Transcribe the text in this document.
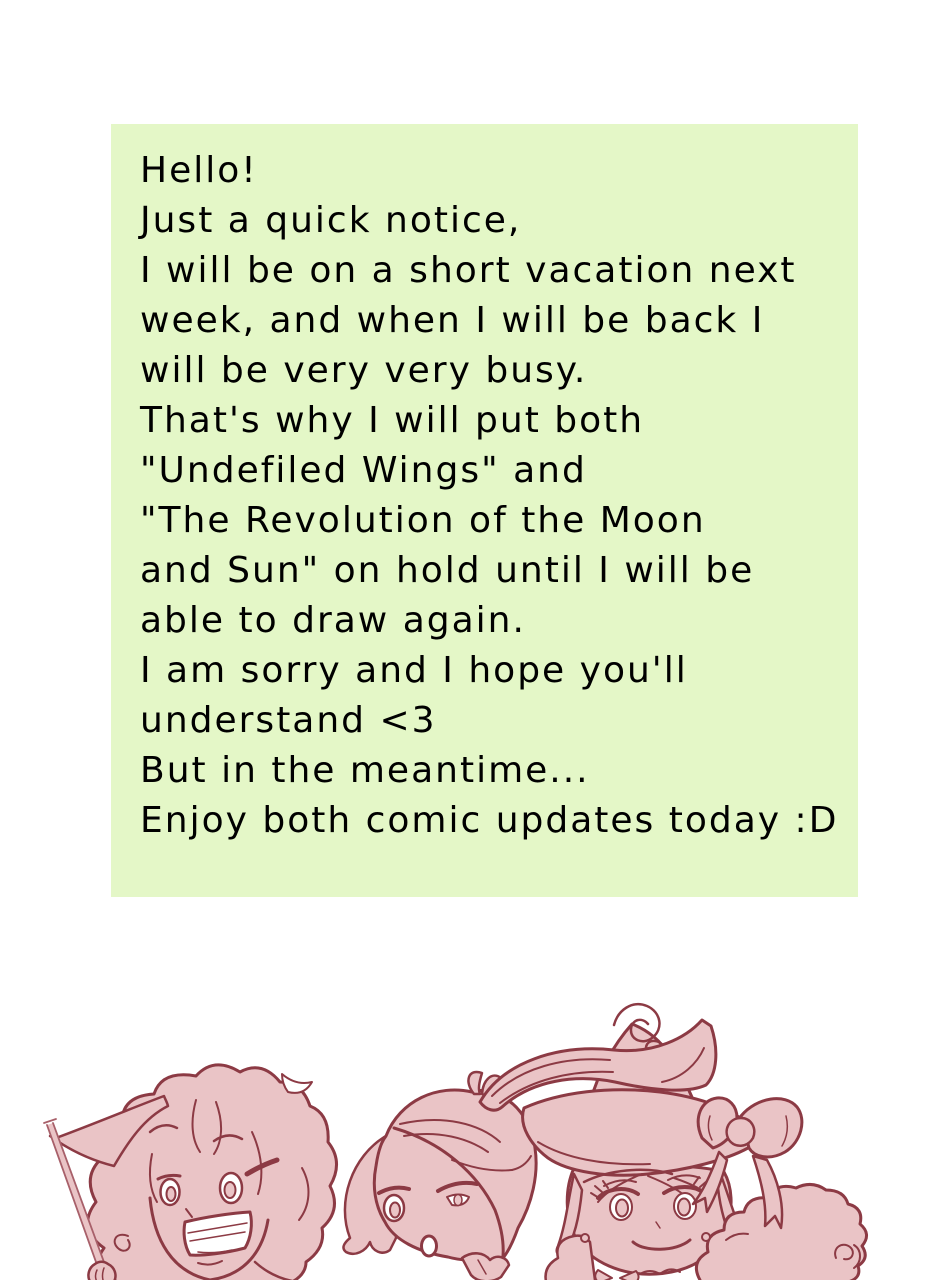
Hello!
Just a quick notice,
I will be on a short vacation next
week, and when I will be back I
will be very very busy.
That's why I will put both
"Undefiled Wings" and
"The Revolution of the Moon
and Sun" on hold until I will be
able to draw again.
I am sorry and I hope you'll
understand <3
But in the meantime...
Enjoy both comic updates today :D
